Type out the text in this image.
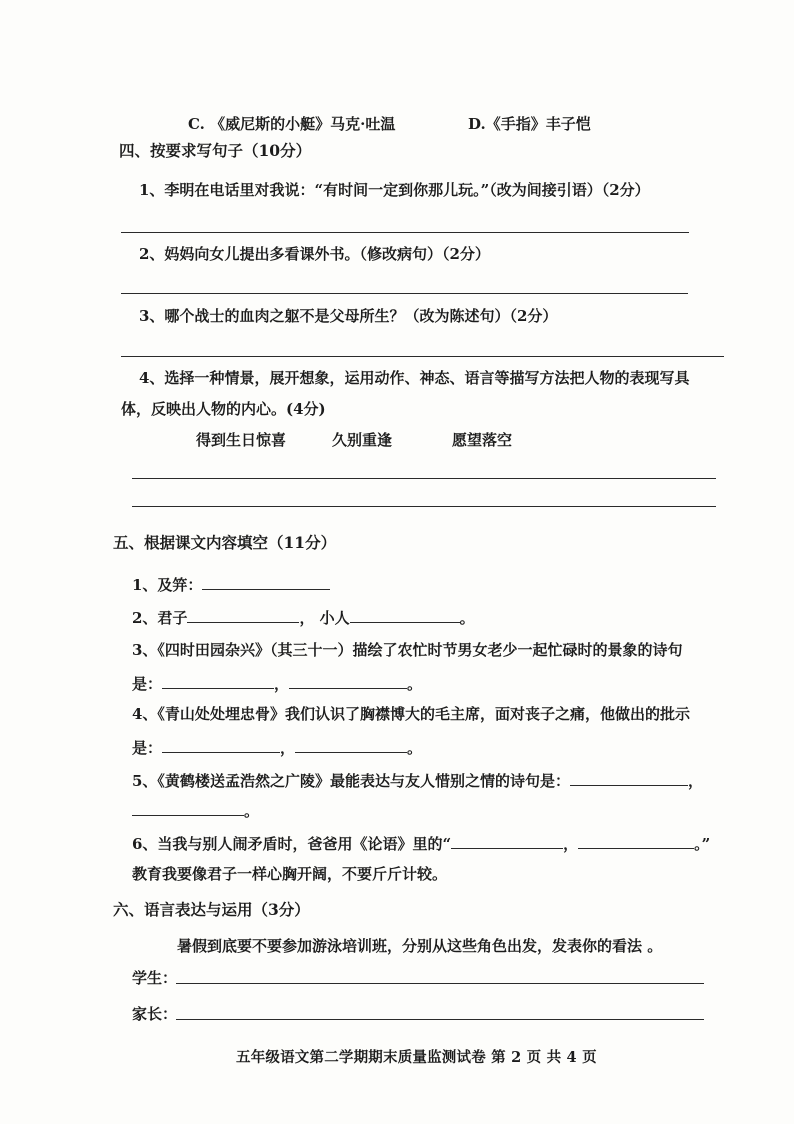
C. 《威尼斯的小艇》马克·吐温	D.《手指》丰子恺
四、按要求写句子（10分）
1、李明在电话里对我说：“有时间一定到你那儿玩。”（改为间接引语）（2分）
2、妈妈向女儿提出多看课外书。（修改病句）（2分）
3、哪个战士的血肉之躯不是父母所生？（改为陈述句）（2分）
4、选择一种情景，展开想象，运用动作、神态、语言等描写方法把人物的表现写具
体，反映出人物的内心。(4分)
得到生日惊喜	久别重逢	愿望落空
五、根据课文内容填空（11分）
1、及笄：
2、君子	， 小人	。
3、《四时田园杂兴》（其三十一）描绘了农忙时节男女老少一起忙碌时的景象的诗句
是：	，	。
4、《青山处处埋忠骨》我们认识了胸襟博大的毛主席，面对丧子之痛，他做出的批示
是：	，	。
5、《黄鹤楼送孟浩然之广陵》最能表达与友人惜别之情的诗句是：	，
。
6、当我与别人闹矛盾时，爸爸用《论语》里的“	，	。”
教育我要像君子一样心胸开阔，不要斤斤计较。
六、语言表达与运用（3分）
暑假到底要不要参加游泳培训班，分别从这些角色出发，发表你的看法 。
学生：
家长：
五年级语文第二学期期末质量监测试卷 第 2 页 共 4 页
